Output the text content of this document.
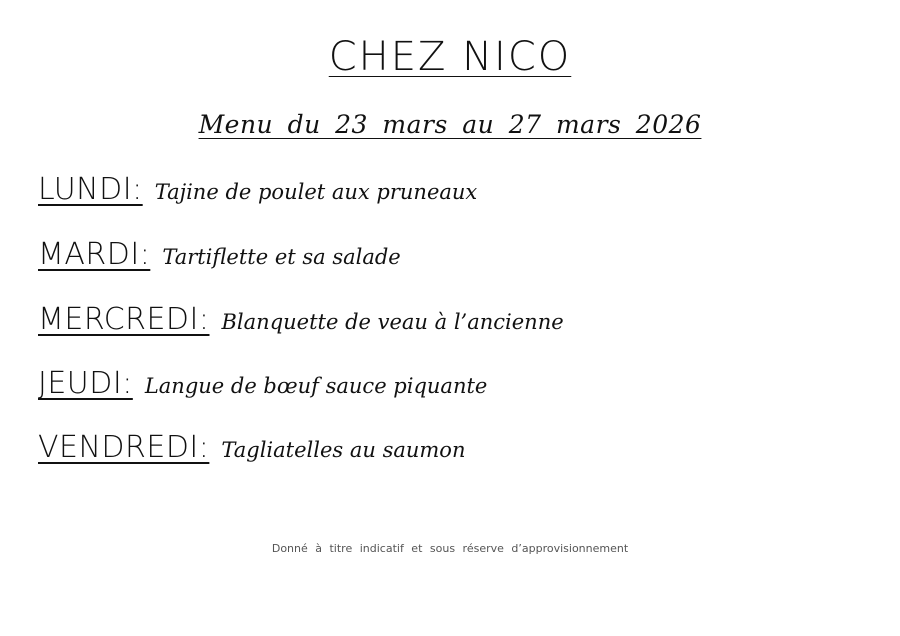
CHEZ NICO
Menu du 23 mars au 27 mars 2026
LUNDI: Tajine de poulet aux pruneaux
MARDI: Tartiflette et sa salade
MERCREDI: Blanquette de veau à l’ancienne
JEUDI: Langue de bœuf sauce piquante
VENDREDI: Tagliatelles au saumon
Donné à titre indicatif et sous réserve d’approvisionnement
